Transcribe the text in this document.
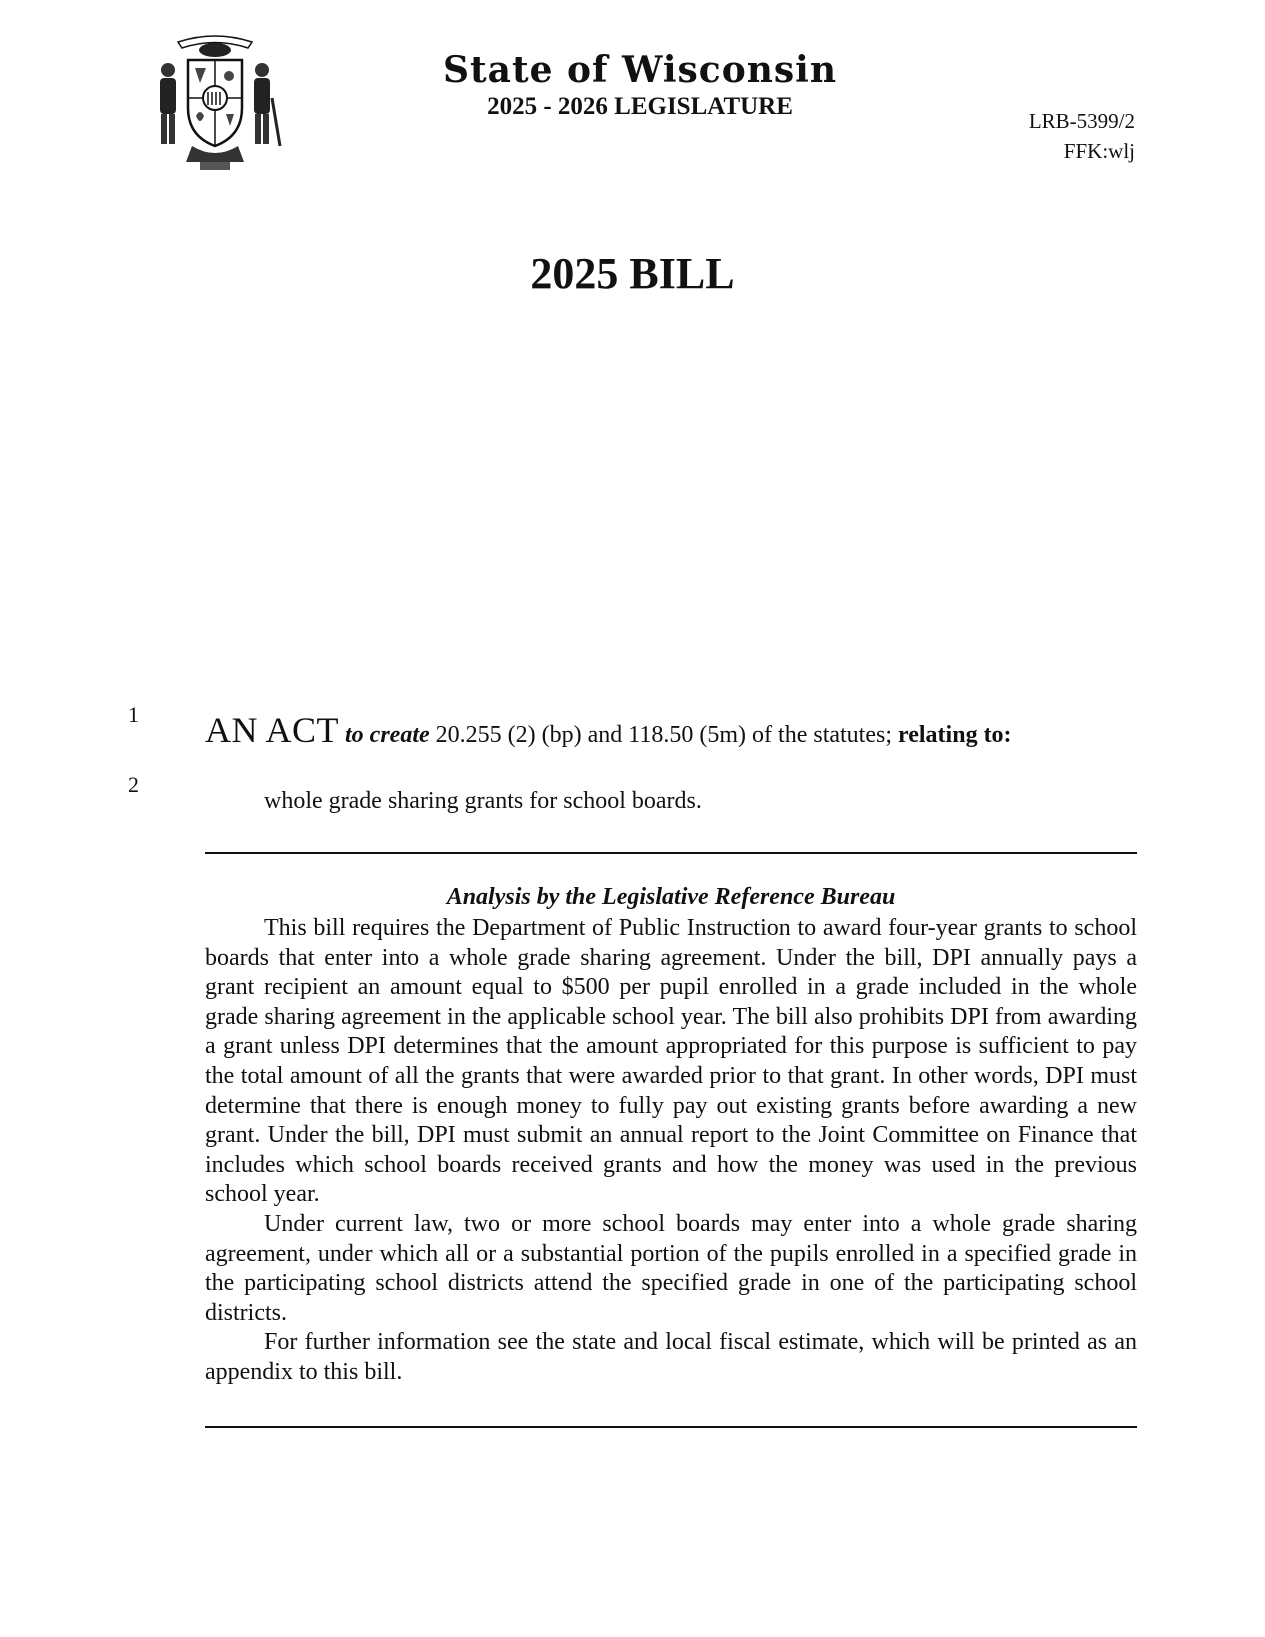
State of Wisconsin
2025 - 2026 LEGISLATURE
LRB-5399/2
FFK:wlj
2025 BILL
1
2
AN ACT to create 20.255 (2) (bp) and 118.50 (5m) of the statutes; relating to:
whole grade sharing grants for school boards.
Analysis by the Legislative Reference Bureau

This bill requires the Department of Public Instruction to award four-year grants to school boards that enter into a whole grade sharing agreement. Under the bill, DPI annually pays a grant recipient an amount equal to $500 per pupil enrolled in a grade included in the whole grade sharing agreement in the applicable school year. The bill also prohibits DPI from awarding a grant unless DPI determines that the amount appropriated for this purpose is sufficient to pay the total amount of all the grants that were awarded prior to that grant. In other words, DPI must determine that there is enough money to fully pay out existing grants before awarding a new grant. Under the bill, DPI must submit an annual report to the Joint Committee on Finance that includes which school boards received grants and how the money was used in the previous school year.

Under current law, two or more school boards may enter into a whole grade sharing agreement, under which all or a substantial portion of the pupils enrolled in a specified grade in the participating school districts attend the specified grade in one of the participating school districts.

For further information see the state and local fiscal estimate, which will be printed as an appendix to this bill.
